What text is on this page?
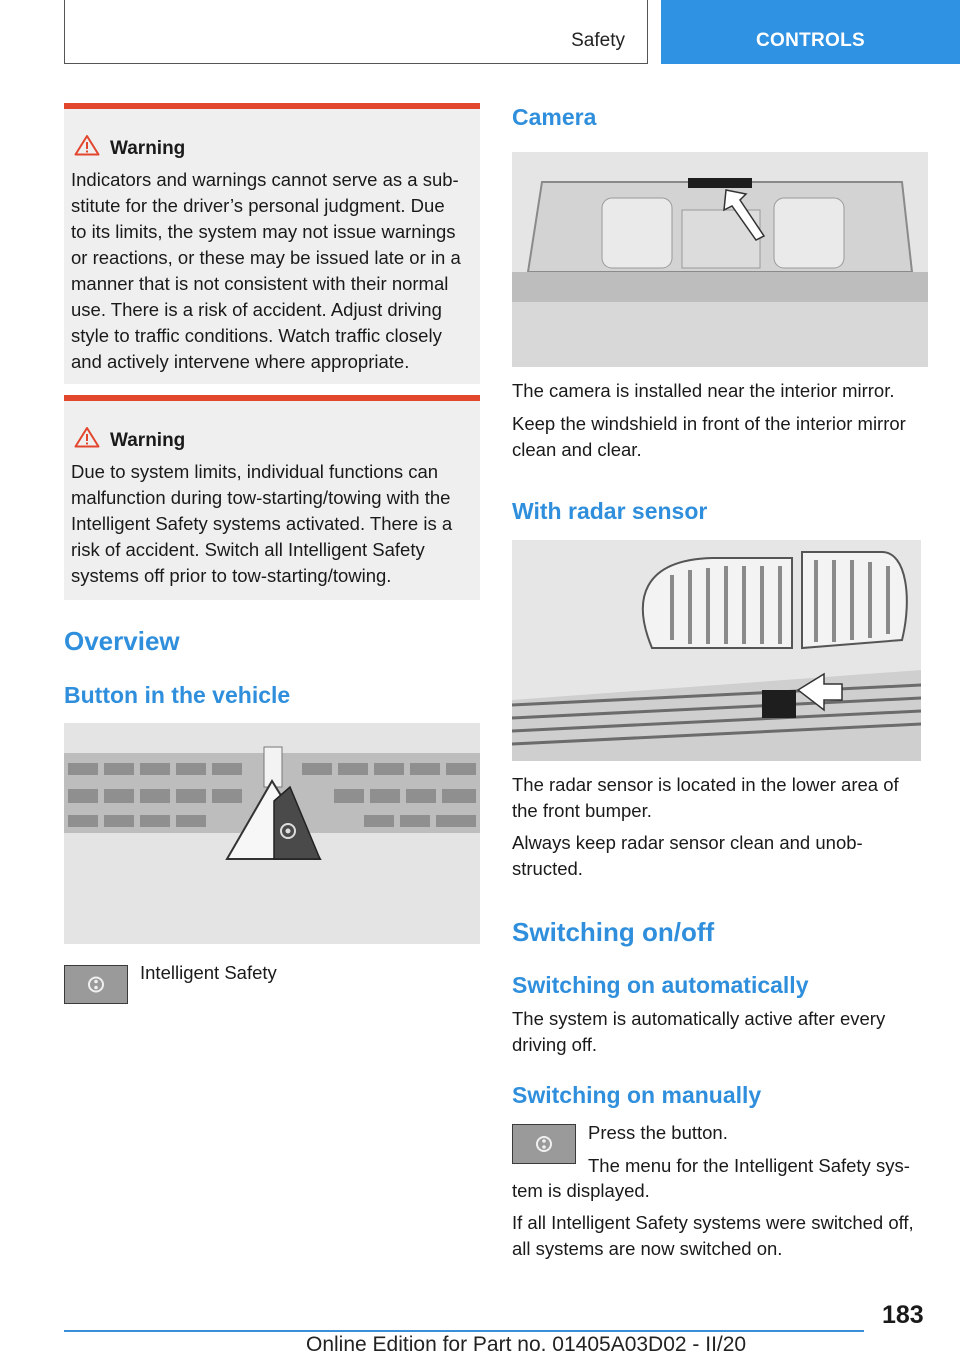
Safety	CONTROLS
Warning
Indicators and warnings cannot serve as a sub-
stitute for the driver’s personal judgment. Due
to its limits, the system may not issue warnings
or reactions, or these may be issued late or in a
manner that is not consistent with their normal
use. There is a risk of accident. Adjust driving
style to traffic conditions. Watch traffic closely
and actively intervene where appropriate.
Warning
Due to system limits, individual functions can
malfunction during tow-starting/towing with the
Intelligent Safety systems activated. There is a
risk of accident. Switch all Intelligent Safety
systems off prior to tow-starting/towing.
Overview
Button in the vehicle
Intelligent Safety
Camera
The camera is installed near the interior mirror.
Keep the windshield in front of the interior mirror
clean and clear.
With radar sensor
The radar sensor is located in the lower area of
the front bumper.
Always keep radar sensor clean and unob-
structed.
Switching on/off
Switching on automatically
The system is automatically active after every
driving off.
Switching on manually
Press the button.
The menu for the Intelligent Safety sys-
tem is displayed.
If all Intelligent Safety systems were switched off,
all systems are now switched on.
183
Online Edition for Part no. 01405A03D02 - II/20
